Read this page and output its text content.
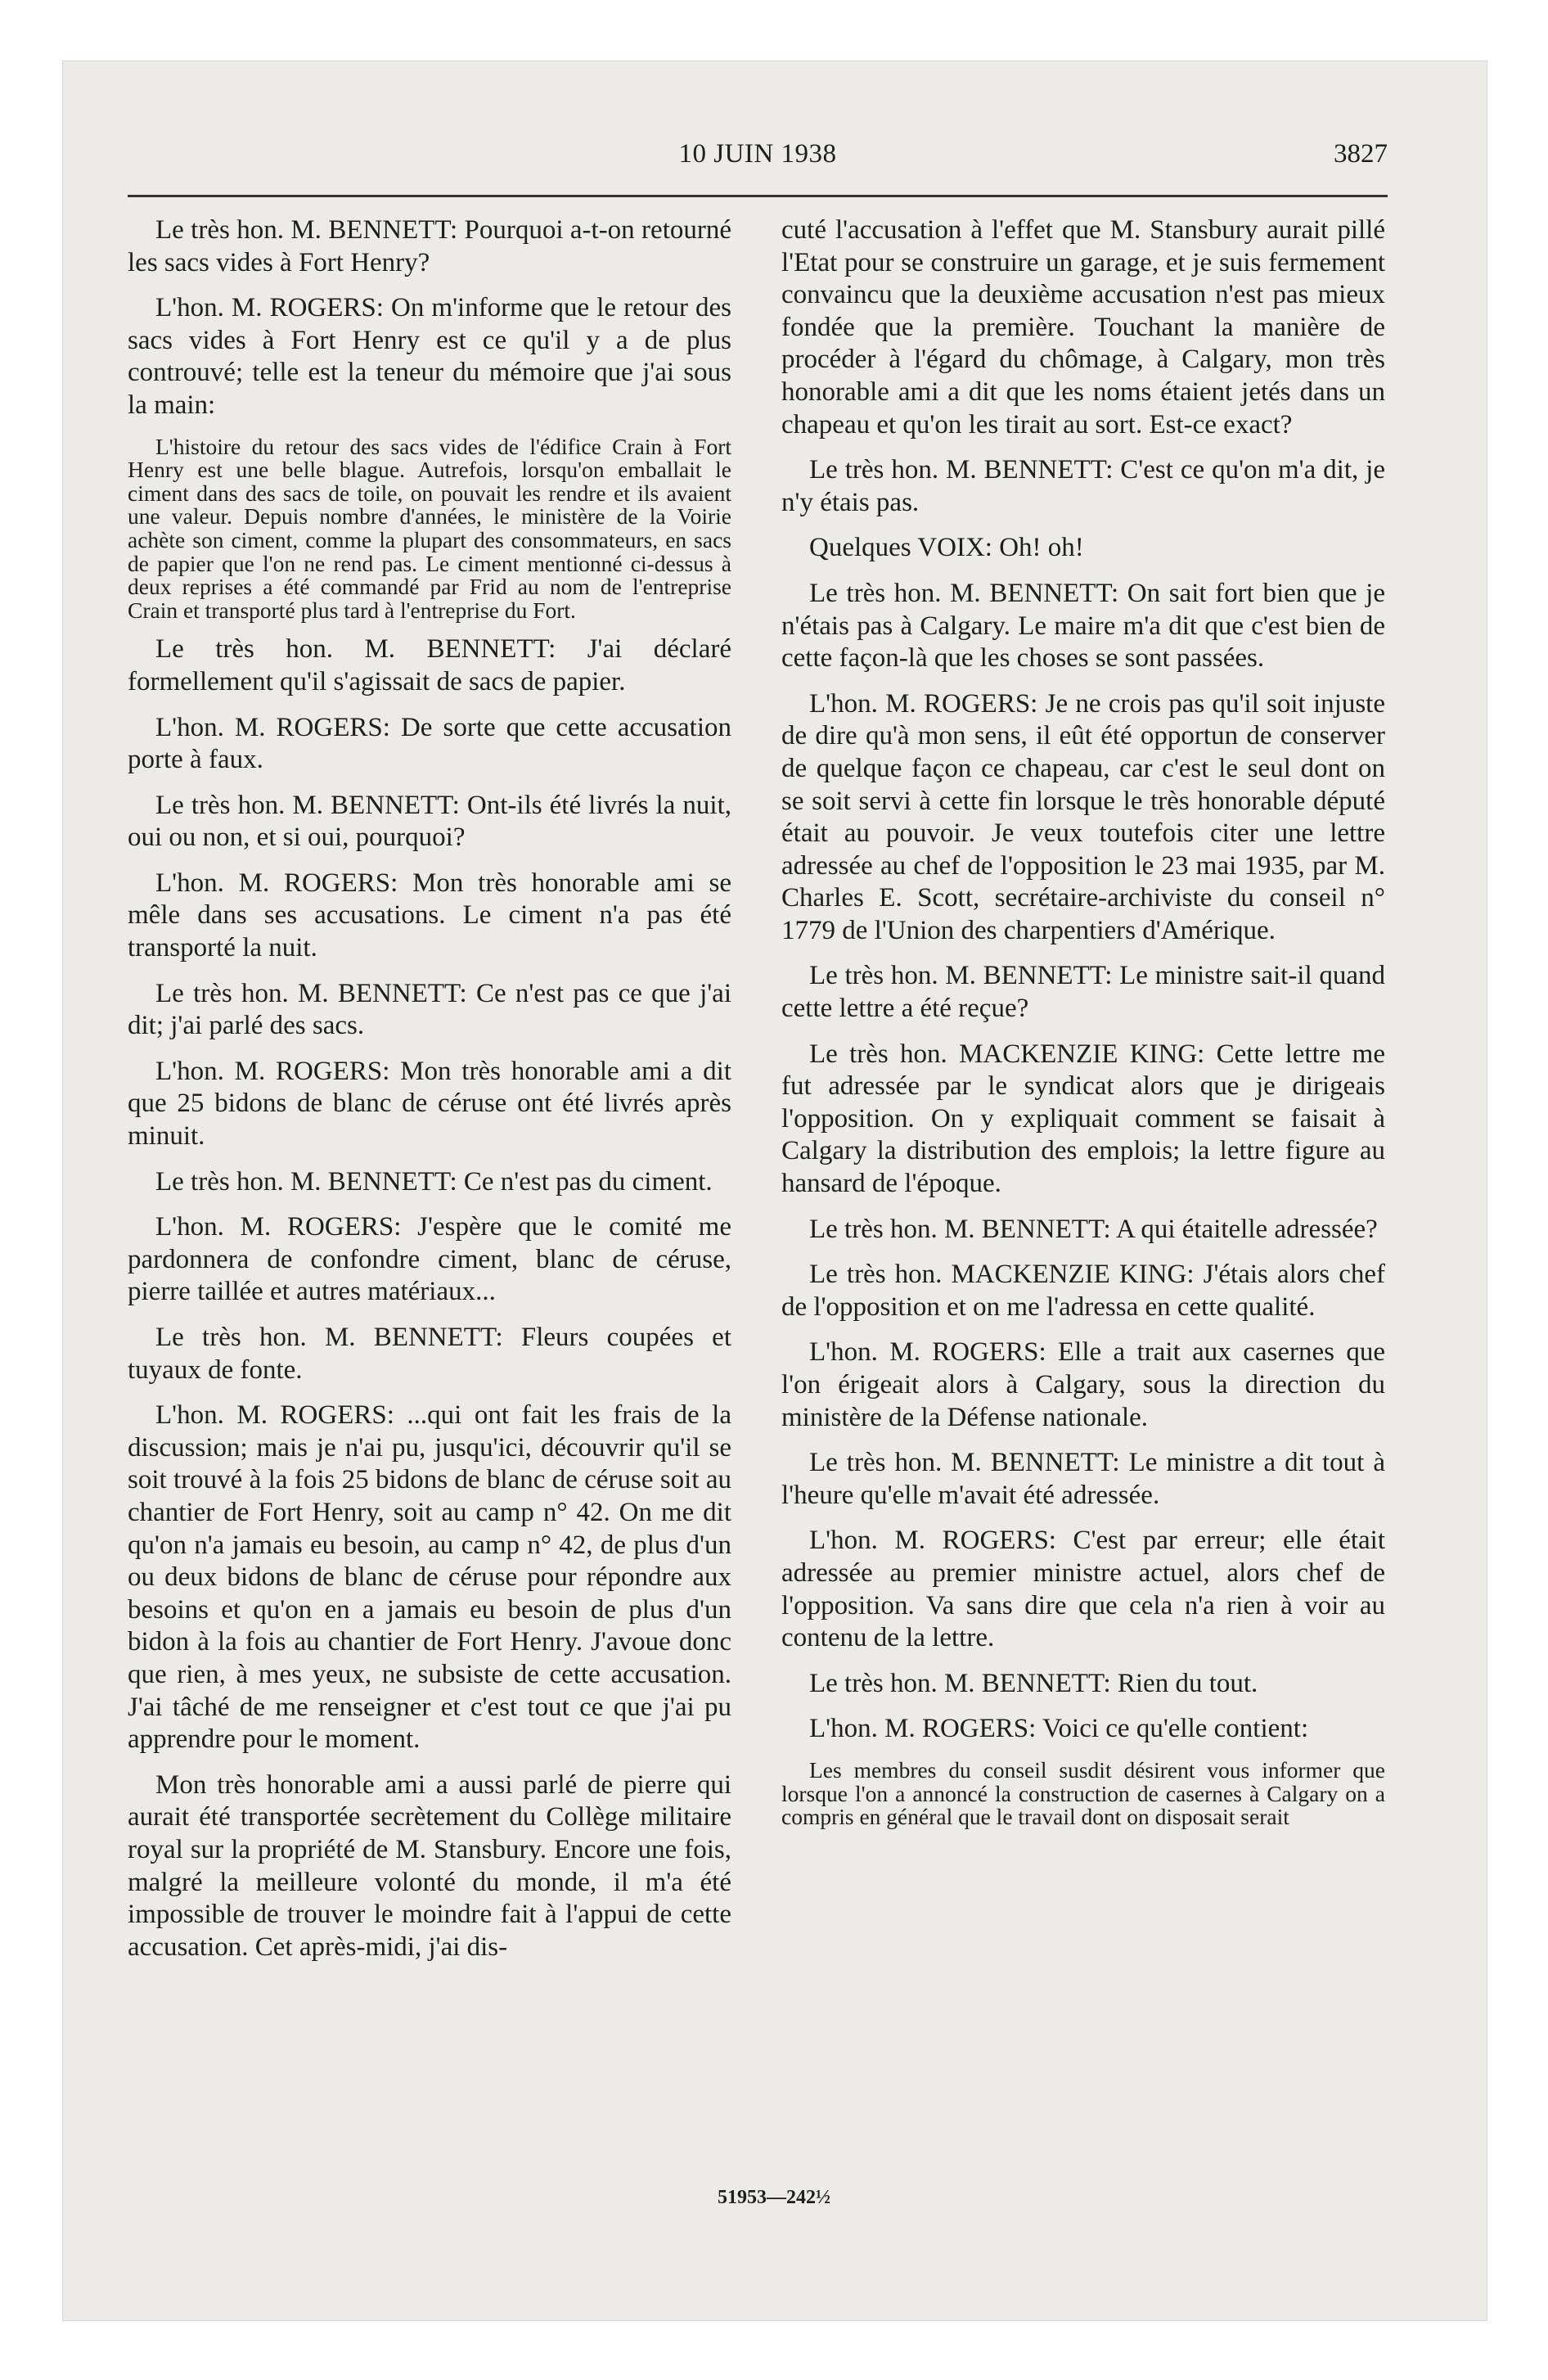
10 JUIN 1938	3827

Le très hon. M. BENNETT: Pourquoi a-t-on retourné les sacs vides à Fort Henry?

L'hon. M. ROGERS: On m'informe que le retour des sacs vides à Fort Henry est ce qu'il y a de plus controuvé; telle est la teneur du mémoire que j'ai sous la main:

L'histoire du retour des sacs vides de l'édifice Crain à Fort Henry est une belle blague. Autrefois, lorsqu'on emballait le ciment dans des sacs de toile, on pouvait les rendre et ils avaient une valeur. Depuis nombre d'années, le ministère de la Voirie achète son ciment, comme la plupart des consommateurs, en sacs de papier que l'on ne rend pas. Le ciment mentionné ci-dessus à deux reprises a été commandé par Frid au nom de l'entreprise Crain et transporté plus tard à l'entreprise du Fort.

Le très hon. M. BENNETT: J'ai déclaré formellement qu'il s'agissait de sacs de papier.

L'hon. M. ROGERS: De sorte que cette accusation porte à faux.

Le très hon. M. BENNETT: Ont-ils été livrés la nuit, oui ou non, et si oui, pourquoi?

L'hon. M. ROGERS: Mon très honorable ami se mêle dans ses accusations. Le ciment n'a pas été transporté la nuit.

Le très hon. M. BENNETT: Ce n'est pas ce que j'ai dit; j'ai parlé des sacs.

L'hon. M. ROGERS: Mon très honorable ami a dit que 25 bidons de blanc de céruse ont été livrés après minuit.

Le très hon. M. BENNETT: Ce n'est pas du ciment.

L'hon. M. ROGERS: J'espère que le comité me pardonnera de confondre ciment, blanc de céruse, pierre taillée et autres matériaux...

Le très hon. M. BENNETT: Fleurs coupées et tuyaux de fonte.

L'hon. M. ROGERS: ...qui ont fait les frais de la discussion; mais je n'ai pu, jusqu'ici, découvrir qu'il se soit trouvé à la fois 25 bidons de blanc de céruse soit au chantier de Fort Henry, soit au camp n° 42. On me dit qu'on n'a jamais eu besoin, au camp n° 42, de plus d'un ou deux bidons de blanc de céruse pour répondre aux besoins et qu'on en a jamais eu besoin de plus d'un bidon à la fois au chantier de Fort Henry. J'avoue donc que rien, à mes yeux, ne subsiste de cette accusation. J'ai tâché de me renseigner et c'est tout ce que j'ai pu apprendre pour le moment.

Mon très honorable ami a aussi parlé de pierre qui aurait été transportée secrètement du Collège militaire royal sur la propriété de M. Stansbury. Encore une fois, malgré la meilleure volonté du monde, il m'a été impossible de trouver le moindre fait à l'appui de cette accusation. Cet après-midi, j'ai dis-

cuté l'accusation à l'effet que M. Stansbury aurait pillé l'Etat pour se construire un garage, et je suis fermement convaincu que la deuxième accusation n'est pas mieux fondée que la première. Touchant la manière de procéder à l'égard du chômage, à Calgary, mon très honorable ami a dit que les noms étaient jetés dans un chapeau et qu'on les tirait au sort. Est-ce exact?

Le très hon. M. BENNETT: C'est ce qu'on m'a dit, je n'y étais pas.

Quelques VOIX: Oh! oh!

Le très hon. M. BENNETT: On sait fort bien que je n'étais pas à Calgary. Le maire m'a dit que c'est bien de cette façon-là que les choses se sont passées.

L'hon. M. ROGERS: Je ne crois pas qu'il soit injuste de dire qu'à mon sens, il eût été opportun de conserver de quelque façon ce chapeau, car c'est le seul dont on se soit servi à cette fin lorsque le très honorable député était au pouvoir. Je veux toutefois citer une lettre adressée au chef de l'opposition le 23 mai 1935, par M. Charles E. Scott, secrétaire-archiviste du conseil n° 1779 de l'Union des charpentiers d'Amérique.

Le très hon. M. BENNETT: Le ministre sait-il quand cette lettre a été reçue?

Le très hon. MACKENZIE KING: Cette lettre me fut adressée par le syndicat alors que je dirigeais l'opposition. On y expliquait comment se faisait à Calgary la distribution des emplois; la lettre figure au hansard de l'époque.

Le très hon. M. BENNETT: A qui étaitelle adressée?

Le très hon. MACKENZIE KING: J'étais alors chef de l'opposition et on me l'adressa en cette qualité.

L'hon. M. ROGERS: Elle a trait aux casernes que l'on érigeait alors à Calgary, sous la direction du ministère de la Défense nationale.

Le très hon. M. BENNETT: Le ministre a dit tout à l'heure qu'elle m'avait été adressée.

L'hon. M. ROGERS: C'est par erreur; elle était adressée au premier ministre actuel, alors chef de l'opposition. Va sans dire que cela n'a rien à voir au contenu de la lettre.

Le très hon. M. BENNETT: Rien du tout.

L'hon. M. ROGERS: Voici ce qu'elle contient:

Les membres du conseil susdit désirent vous informer que lorsque l'on a annoncé la construction de casernes à Calgary on a compris en général que le travail dont on disposait serait

51953—242½
